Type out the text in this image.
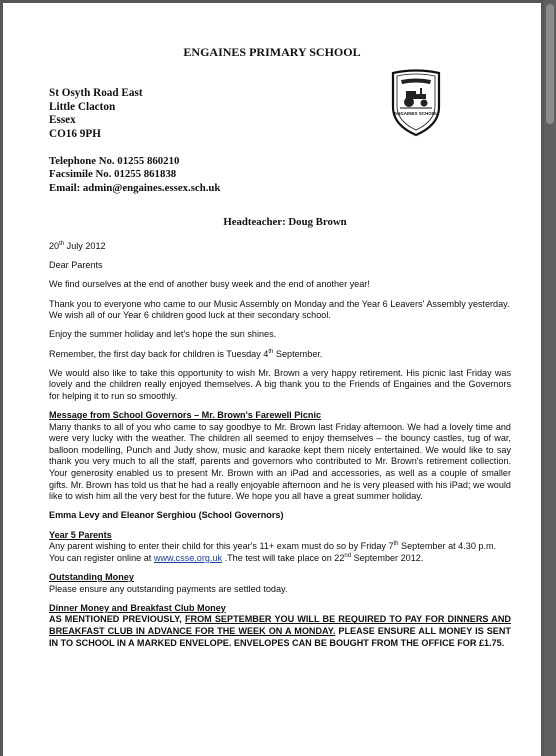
ENGAINES PRIMARY SCHOOL
St Osyth Road East
Little Clacton
Essex
CO16 9PH
Telephone No. 01255 860210
Facsimile No. 01255 861838
Email: admin@engaines.essex.sch.uk
ENGAINES SCHOOL
Headteacher: Doug Brown

20th July 2012

Dear Parents

We find ourselves at the end of another busy week and the end of another year!

Thank you to everyone who came to our Music Assembly on Monday and the Year 6 Leavers' Assembly yesterday. We wish all of our Year 6 children good luck at their secondary school.

Enjoy the summer holiday and let's hope the sun shines.

Remember, the first day back for children is Tuesday 4th September.

We would also like to take this opportunity to wish Mr. Brown a very happy retirement. His picnic last Friday was lovely and the children really enjoyed themselves. A big thank you to the Friends of Engaines and the Governors for helping it to run so smoothly.

Message from School Governors – Mr. Brown's Farewell Picnic

Many thanks to all of you who came to say goodbye to Mr. Brown last Friday afternoon. We had a lovely time and were very lucky with the weather. The children all seemed to enjoy themselves – the bouncy castles, tug of war, balloon modelling, Punch and Judy show, music and karaoke kept them nicely entertained. We would like to say thank you very much to all the staff, parents and governors who contributed to Mr. Brown's retirement collection. Your generosity enabled us to present Mr. Brown with an iPad and accessories, as well as a couple of smaller gifts. Mr. Brown has told us that he had a really enjoyable afternoon and he is very pleased with his iPad; we would like to wish him all the very best for the future. We hope you all have a great summer holiday.

Emma Levy and Eleanor Serghiou (School Governors)

Year 5 Parents

Any parent wishing to enter their child for this year's 11+ exam must do so by Friday 7th September at 4.30 p.m. You can register online at www.csse.org.uk .The test will take place on 22nd September 2012.

Outstanding Money

Please ensure any outstanding payments are settled today.

Dinner Money and Breakfast Club Money

AS MENTIONED PREVIOUSLY, FROM SEPTEMBER YOU WILL BE REQUIRED TO PAY FOR DINNERS AND BREAKFAST CLUB IN ADVANCE FOR THE WEEK ON A MONDAY. PLEASE ENSURE ALL MONEY IS SENT IN TO SCHOOL IN A MARKED ENVELOPE. ENVELOPES CAN BE BOUGHT FROM THE OFFICE FOR £1.75.
